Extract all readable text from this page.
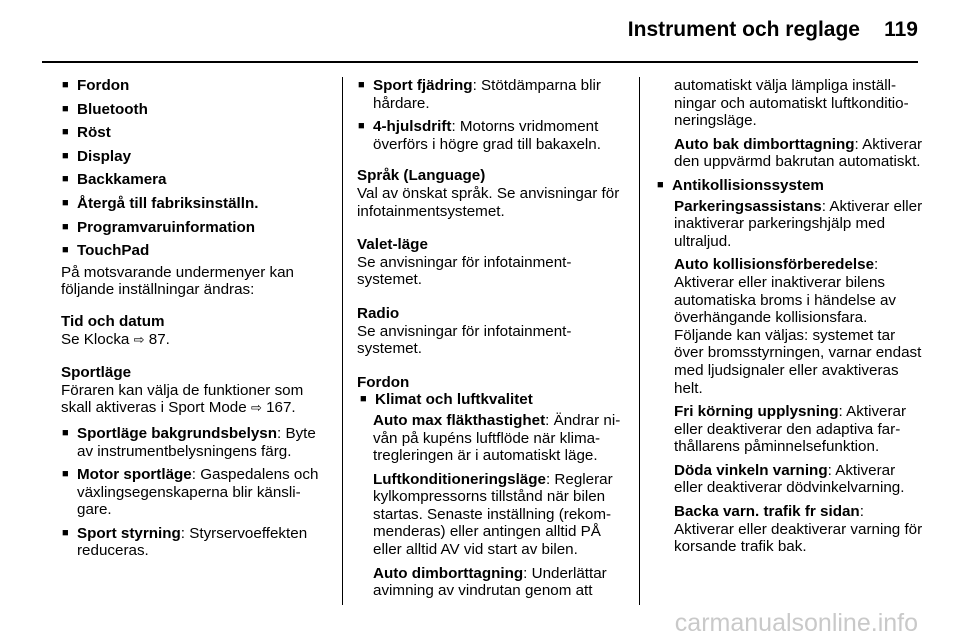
Instrument och reglage 119

■ Fordon

■ Bluetooth

■ Röst

■ Display

■ Backkamera

■ Återgå till fabriksinställn.

■ Programvaruinformation

■ TouchPad

På motsvarande undermenyer kan följande inställningar ändras:

Tid och datum

Se Klocka ⇨ 87.

Sportläge

Föraren kan välja de funktioner som skall aktiveras i Sport Mode ⇨ 167.

■ Sportläge bakgrundsbelysn: Byte av instrumentbelysningens färg.

■ Motor sportläge: Gaspedalens och växlingsegenskaperna blir känsligare.

■ Sport styrning: Styrservoeffekten reduceras.

■ Sport fjädring: Stötdämparna blir hårdare.

■ 4-hjulsdrift: Motorns vridmoment överförs i högre grad till bakaxeln.

Språk (Language)

Val av önskat språk. Se anvisningar för infotainmentsystemet.

Valet-läge

Se anvisningar för infotainmentsystemet.

Radio

Se anvisningar för infotainmentsystemet.

Fordon

■ Klimat och luftkvalitet

Auto max fläkthastighet: Ändrar nivån på kupéns luftflöde när klimatregleringen är i automatiskt läge.

Luftkonditioneringsläge: Reglerar kylkompressorns tillstånd när bilen startas. Senaste inställning (rekommenderas) eller antingen alltid PÅ eller alltid AV vid start av bilen.

Auto dimborttagning: Underlättar avimning av vindrutan genom att

automatiskt välja lämpliga inställningar och automatiskt luftkonditioneringsläge.

Auto bak dimborttagning: Aktiverar den uppvärmd bakrutan automatiskt.

■ Antikollisionssystem

Parkeringsassistans: Aktiverar eller inaktiverar parkeringshjälp med ultraljud.

Auto kollisionsförberedelse: Aktiverar eller inaktiverar bilens automatiska broms i händelse av överhängande kollisionsfara. Följande kan väljas: systemet tar över bromsstyrningen, varnar endast med ljudsignaler eller avaktiveras helt.

Fri körning upplysning: Aktiverar eller deaktiverar den adaptiva farthållarens påminnelsefunktion.

Döda vinkeln varning: Aktiverar eller deaktiverar dödvinkelvarning.

Backa varn. trafik fr sidan: Aktiverar eller deaktiverar varning för korsande trafik bak.

carmanualsonline.info
